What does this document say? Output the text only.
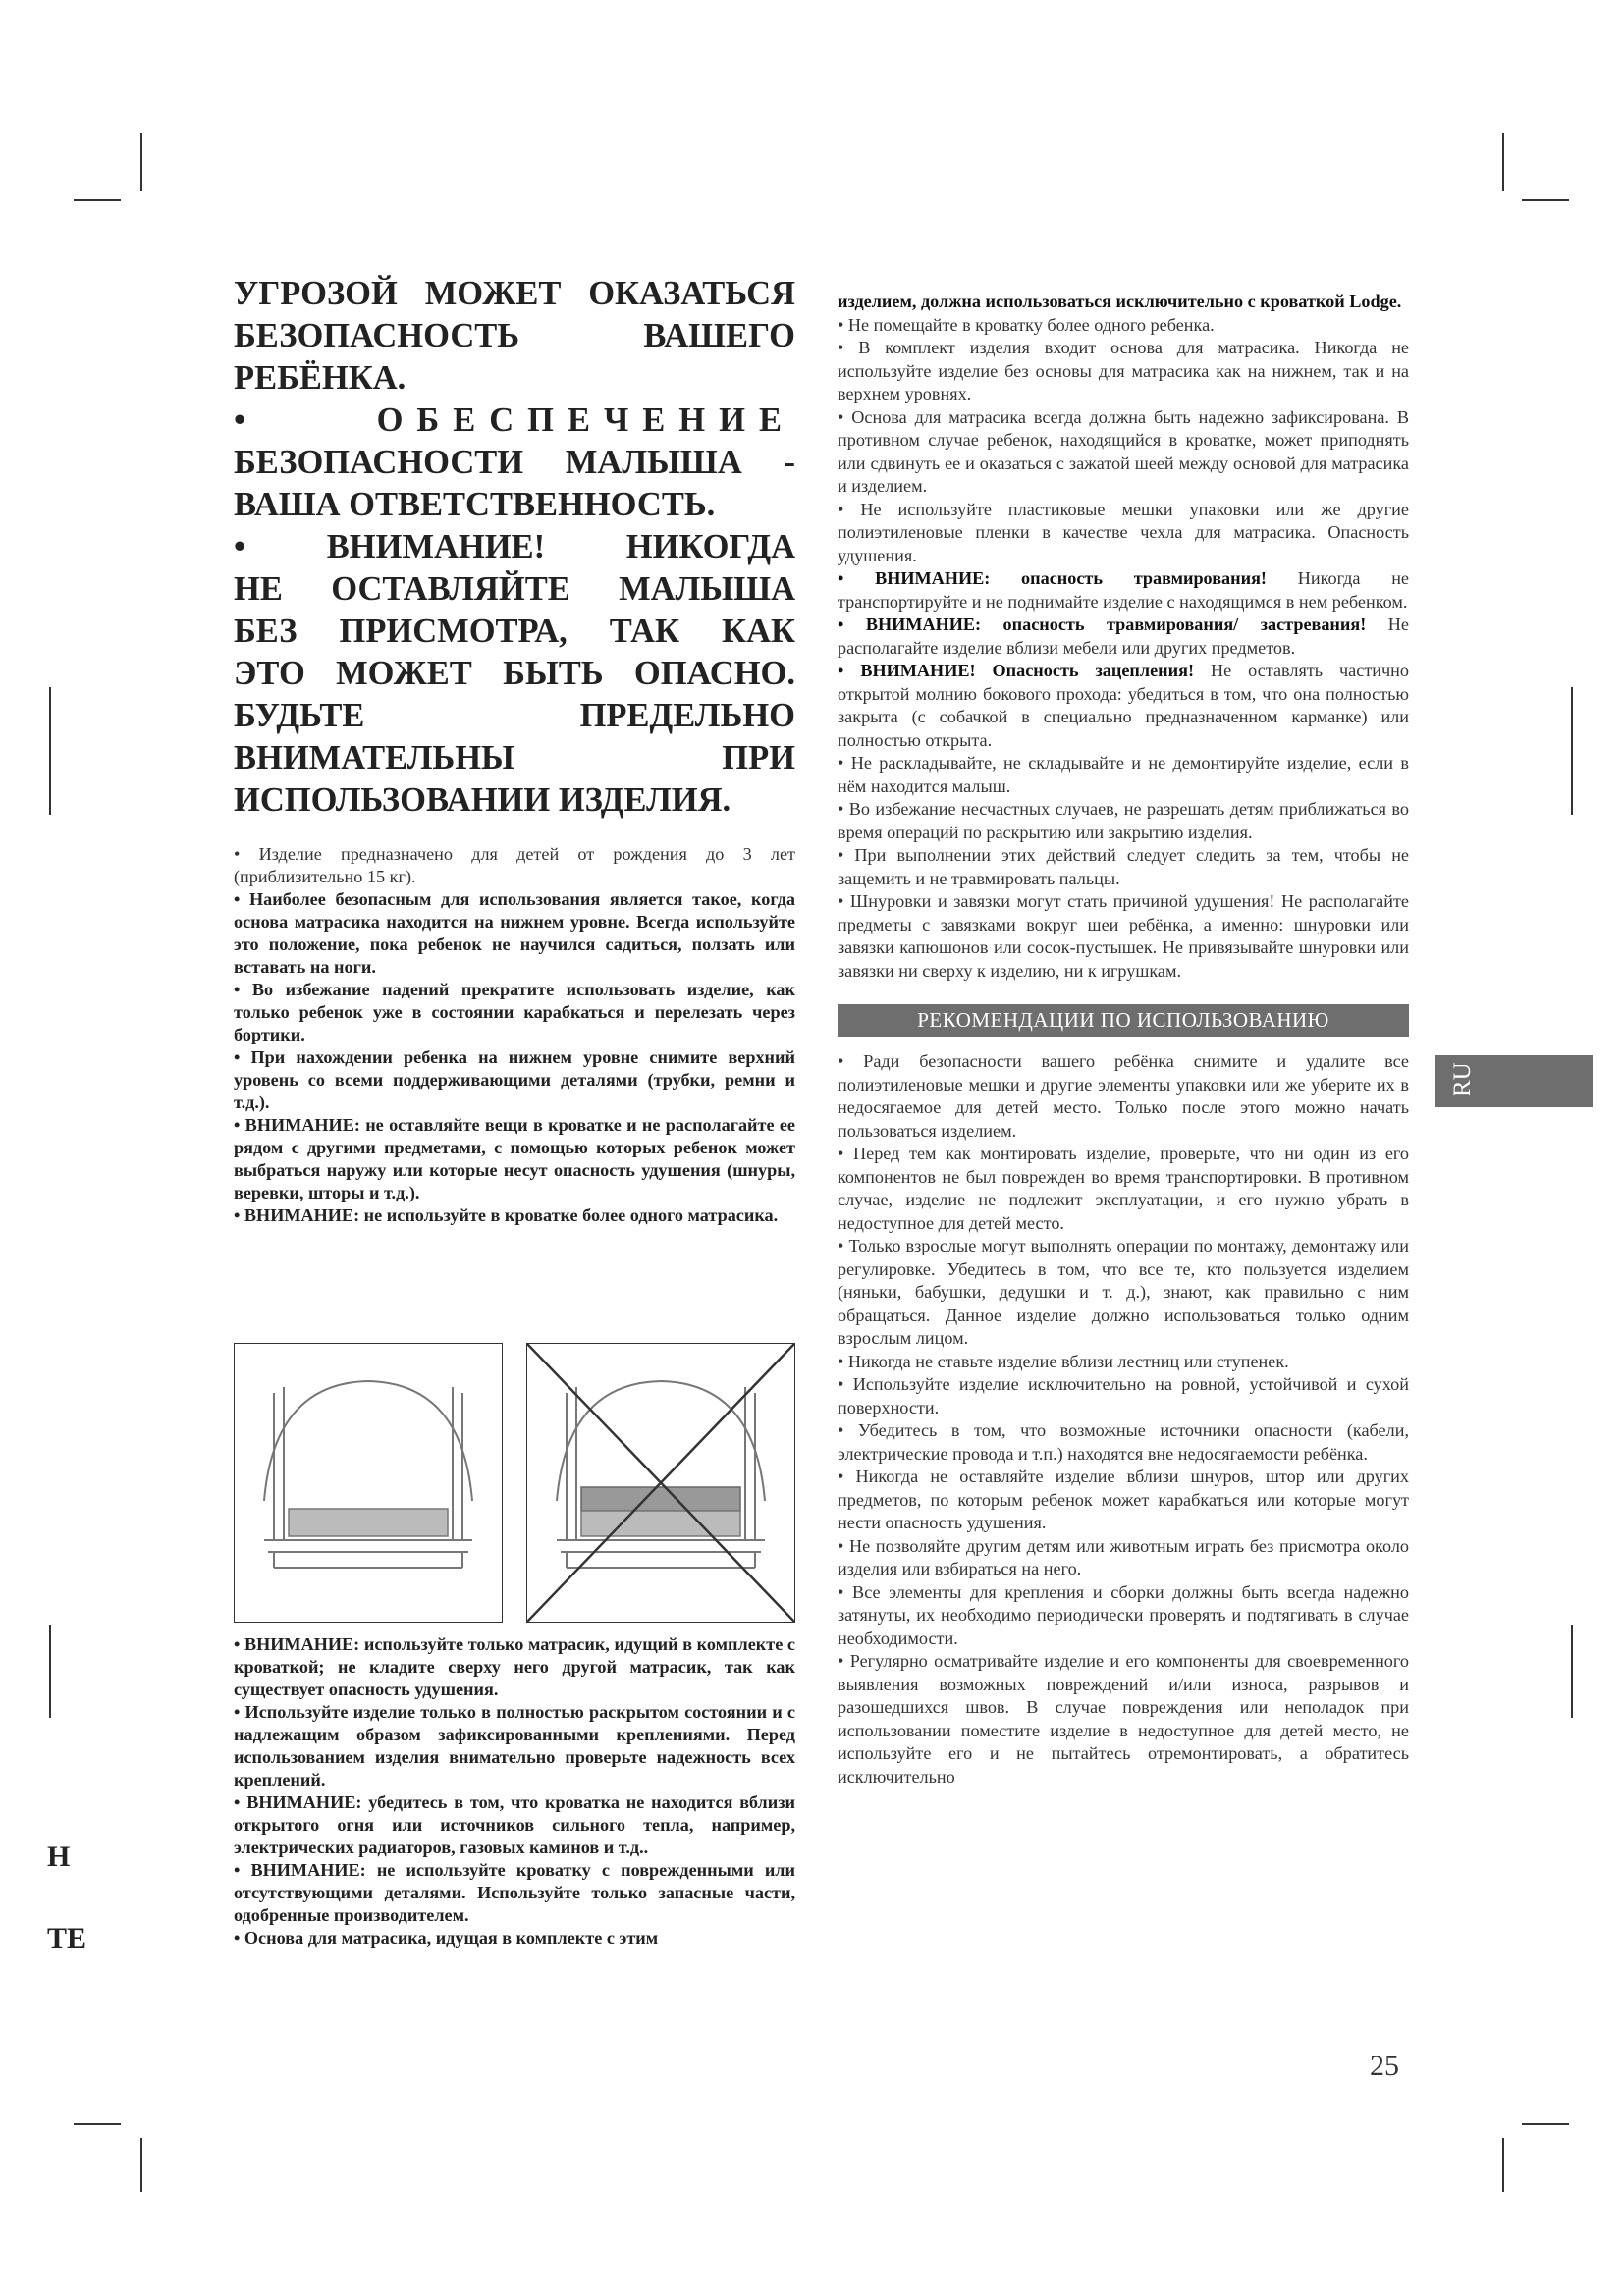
УГРОЗОЙ МОЖЕТ ОКАЗАТЬСЯ

БЕЗОПАСНОСТЬ ВАШЕГО

РЕБЁНКА.

• ОБЕСПЕЧЕНИЕ

БЕЗОПАСНОСТИ МАЛЫША -

ВАША ОТВЕТСТВЕННОСТЬ.

• ВНИМАНИЕ! НИКОГДА

НЕ ОСТАВЛЯЙТЕ МАЛЫША

БЕЗ ПРИСМОТРА, ТАК КАК

ЭТО МОЖЕТ БЫТЬ ОПАСНО.

БУДЬТЕ ПРЕДЕЛЬНО

ВНИМАТЕЛЬНЫ ПРИ

ИСПОЛЬЗОВАНИИ ИЗДЕЛИЯ.

• Изделие предназначено для детей от рождения до 3 лет (приблизительно 15 кг).

• Наиболее безопасным для использования является такое, когда основа матрасика находится на нижнем уровне. Всегда используйте это положение, пока ребенок не научился садиться, ползать или вставать на ноги.

• Во избежание падений прекратите использовать изделие, как только ребенок уже в состоянии карабкаться и перелезать через бортики.

• При нахождении ребенка на нижнем уровне снимите верхний уровень со всеми поддерживающими деталями (трубки, ремни и т.д.).

• ВНИМАНИЕ: не оставляйте вещи в кроватке и не располагайте ее рядом с другими предметами, с помощью которых ребенок может выбраться наружу или которые несут опасность удушения (шнуры, веревки, шторы и т.д.).

• ВНИМАНИЕ: не используйте в кроватке более одного матрасика.

• ВНИМАНИЕ: используйте только матрасик, идущий в комплекте с кроваткой; не кладите сверху него другой матрасик, так как существует опасность удушения.

• Используйте изделие только в полностью раскрытом состоянии и с надлежащим образом зафиксированными креплениями. Перед использованием изделия внимательно проверьте надежность всех креплений.

• ВНИМАНИЕ: убедитесь в том, что кроватка не находится вблизи открытого огня или источников сильного тепла, например, электрических радиаторов, газовых каминов и т.д..

• ВНИМАНИЕ: не используйте кроватку с поврежденными или отсутствующими деталями. Используйте только запасные части, одобренные производителем.

• Основа для матрасика, идущая в комплекте с этим

изделием, должна использоваться исключительно с кроваткой Lodge.

• Не помещайте в кроватку более одного ребенка.

• В комплект изделия входит основа для матрасика. Никогда не используйте изделие без основы для матрасика как на нижнем, так и на верхнем уровнях.

• Основа для матрасика всегда должна быть надежно зафиксирована. В противном случае ребенок, находящийся в кроватке, может приподнять или сдвинуть ее и оказаться с зажатой шеей между основой для матрасика и изделием.

• Не используйте пластиковые мешки упаковки или же другие полиэтиленовые пленки в качестве чехла для матрасика. Опасность удушения.

• ВНИМАНИЕ: опасность травмирования! Никогда не транспортируйте и не поднимайте изделие с находящимся в нем ребенком.

• ВНИМАНИЕ: опасность травмирования/ застревания! Не располагайте изделие вблизи мебели или других предметов.

• ВНИМАНИЕ! Опасность зацепления! Не оставлять частично открытой молнию бокового прохода: убедиться в том, что она полностью закрыта (с собачкой в специально предназначенном карманке) или полностью открыта.

• Не раскладывайте, не складывайте и не демонтируйте изделие, если в нём находится малыш.

• Во избежание несчастных случаев, не разрешать детям приближаться во время операций по раскрытию или закрытию изделия.

• При выполнении этих действий следует следить за тем, чтобы не защемить и не травмировать пальцы.

• Шнуровки и завязки могут стать причиной удушения! Не располагайте предметы с завязками вокруг шеи ребёнка, а именно: шнуровки или завязки капюшонов или сосок-пустышек. Не привязывайте шнуровки или завязки ни сверху к изделию, ни к игрушкам.

РЕКОМЕНДАЦИИ ПО ИСПОЛЬЗОВАНИЮ

• Ради безопасности вашего ребёнка снимите и удалите все полиэтиленовые мешки и другие элементы упаковки или же уберите их в недосягаемое для детей место. Только после этого можно начать пользоваться изделием.

• Перед тем как монтировать изделие, проверьте, что ни один из его компонентов не был поврежден во время транспортировки. В противном случае, изделие не подлежит эксплуатации, и его нужно убрать в недоступное для детей место.

• Только взрослые могут выполнять операции по монтажу, демонтажу или регулировке. Убедитесь в том, что все те, кто пользуется изделием (няньки, бабушки, дедушки и т. д.), знают, как правильно с ним обращаться. Данное изделие должно использоваться только одним взрослым лицом.

• Никогда не ставьте изделие вблизи лестниц или ступенек.

• Используйте изделие исключительно на ровной, устойчивой и сухой поверхности.

• Убедитесь в том, что возможные источники опасности (кабели, электрические провода и т.п.) находятся вне недосягаемости ребёнка.

• Никогда не оставляйте изделие вблизи шнуров, штор или других предметов, по которым ребенок может карабкаться или которые могут нести опасность удушения.

• Не позволяйте другим детям или животным играть без присмотра около изделия или взбираться на него.

• Все элементы для крепления и сборки должны быть всегда надежно затянуты, их необходимо периодически проверять и подтягивать в случае необходимости.

• Регулярно осматривайте изделие и его компоненты для своевременного выявления возможных повреждений и/или износа, разрывов и разошедшихся швов. В случае повреждения или неполадок при использовании поместите изделие в недоступное для детей место, не используйте его и не пытайтесь отремонтировать, а обратитесь исключительно

RU
25
Н
ТЕ
